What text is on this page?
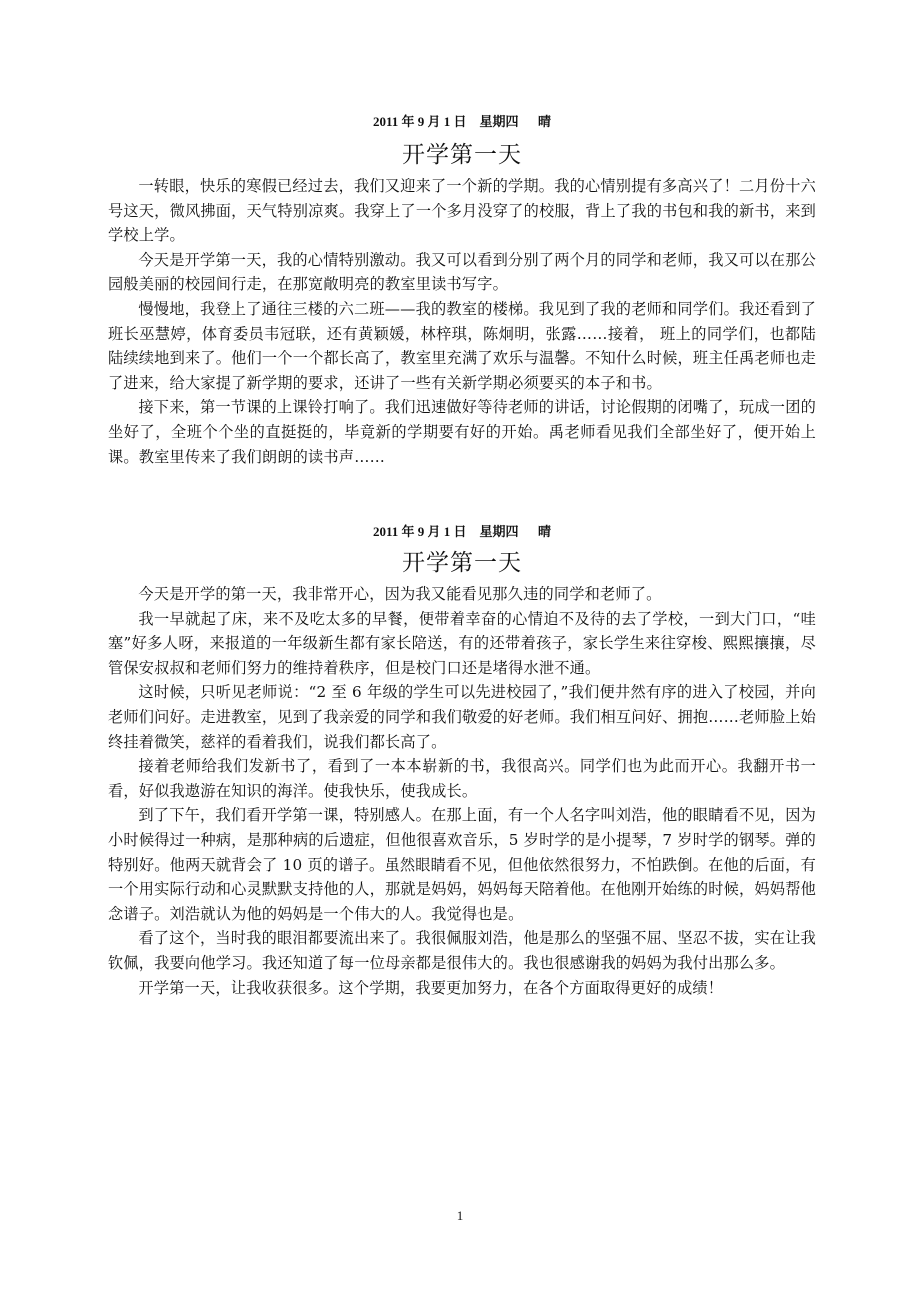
2011 年 9 月 1 日    星期四      晴
开学第一天

一转眼，快乐的寒假已经过去，我们又迎来了一个新的学期。我的心情别提有多高兴了！二月份十六号这天，微风拂面，天气特别凉爽。我穿上了一个多月没穿了的校服，背上了我的书包和我的新书，来到学校上学。

今天是开学第一天，我的心情特别激动。我又可以看到分别了两个月的同学和老师，我又可以在那公园般美丽的校园间行走，在那宽敞明亮的教室里读书写字。

慢慢地，我登上了通往三楼的六二班——我的教室的楼梯。我见到了我的老师和同学们。我还看到了班长巫慧婷，体育委员韦冠联，还有黄颖媛，林梓琪，陈炯明，张露……接着， 班上的同学们，也都陆陆续续地到来了。他们一个一个都长高了，教室里充满了欢乐与温馨。不知什么时候，班主任禹老师也走了进来，给大家提了新学期的要求，还讲了一些有关新学期必须要买的本子和书。

接下来，第一节课的上课铃打响了。我们迅速做好等待老师的讲话，讨论假期的闭嘴了，玩成一团的坐好了，全班个个坐的直挺挺的，毕竟新的学期要有好的开始。禹老师看见我们全部坐好了，便开始上课。教室里传来了我们朗朗的读书声……

2011 年 9 月 1 日    星期四      晴
开学第一天

今天是开学的第一天，我非常开心，因为我又能看见那久违的同学和老师了。

我一早就起了床，来不及吃太多的早餐，便带着幸奋的心情迫不及待的去了学校，一到大门口，“哇塞”好多人呀，来报道的一年级新生都有家长陪送，有的还带着孩子，家长学生来往穿梭、熙熙攘攘，尽管保安叔叔和老师们努力的维持着秩序，但是校门口还是堵得水泄不通。

这时候，只听见老师说：“2 至 6 年级的学生可以先进校园了，”我们便井然有序的进入了校园，并向老师们问好。走进教室，见到了我亲爱的同学和我们敬爱的好老师。我们相互问好、拥抱……老师脸上始终挂着微笑，慈祥的看着我们，说我们都长高了。

接着老师给我们发新书了，看到了一本本崭新的书，我很高兴。同学们也为此而开心。我翻开书一看，好似我遨游在知识的海洋。使我快乐，使我成长。

到了下午，我们看开学第一课，特别感人。在那上面，有一个人名字叫刘浩，他的眼睛看不见，因为小时候得过一种病，是那种病的后遗症，但他很喜欢音乐，5 岁时学的是小提琴，7 岁时学的钢琴。弹的特别好。他两天就背会了 10 页的谱子。虽然眼睛看不见，但他依然很努力，不怕跌倒。在他的后面，有一个用实际行动和心灵默默支持他的人，那就是妈妈，妈妈每天陪着他。在他刚开始练的时候，妈妈帮他念谱子。刘浩就认为他的妈妈是一个伟大的人。我觉得也是。

看了这个，当时我的眼泪都要流出来了。我很佩服刘浩，他是那么的坚强不屈、坚忍不拔，实在让我钦佩，我要向他学习。我还知道了每一位母亲都是很伟大的。我也很感谢我的妈妈为我付出那么多。

开学第一天，让我收获很多。这个学期，我要更加努力，在各个方面取得更好的成绩！

1
